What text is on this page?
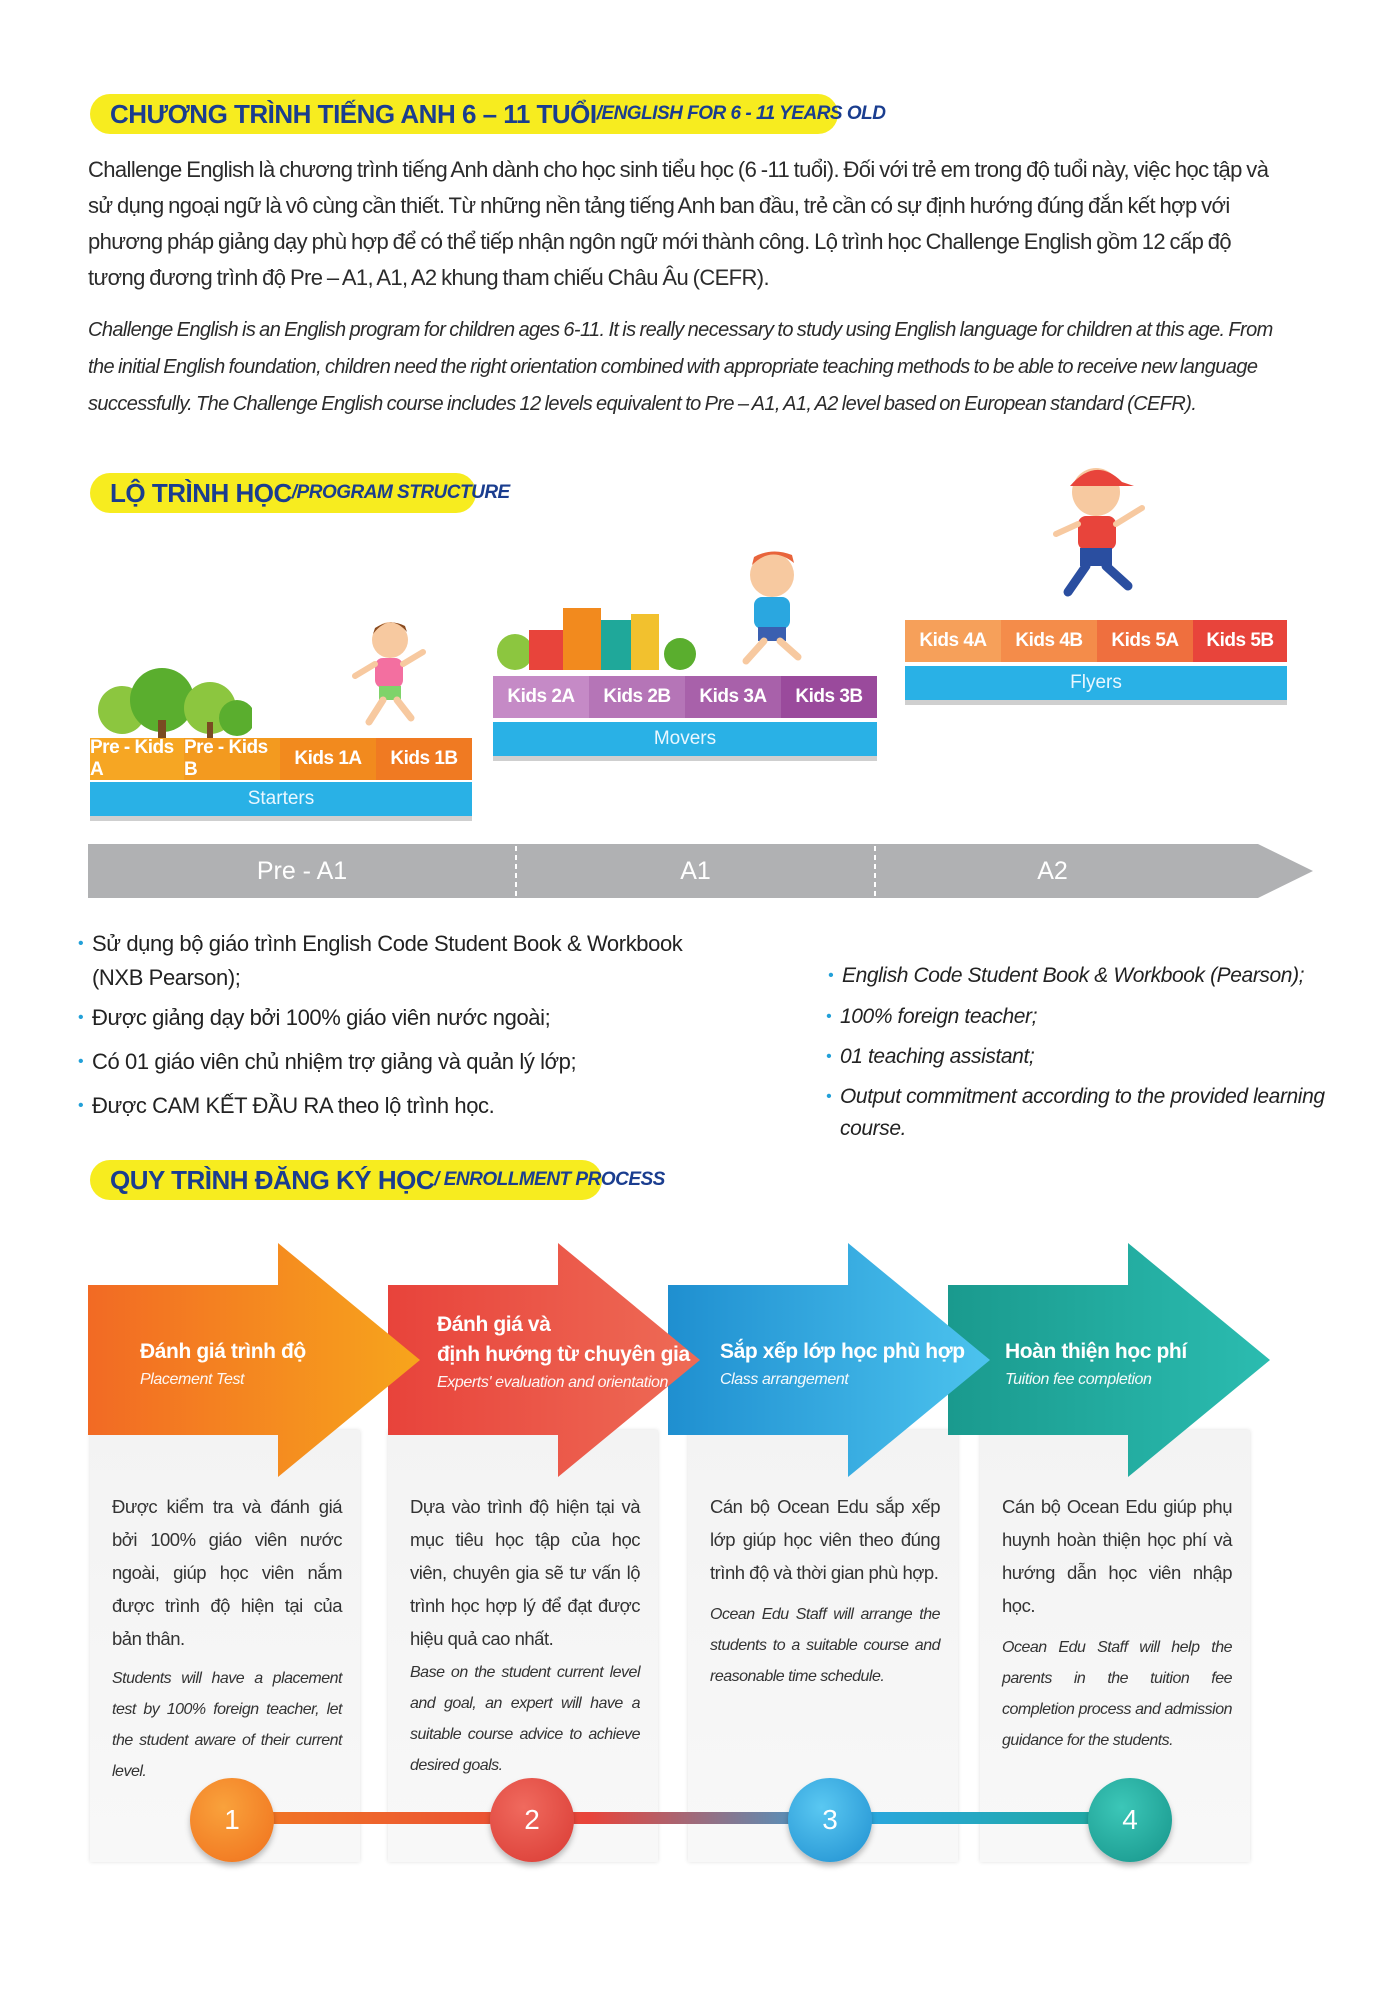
CHƯƠNG TRÌNH TIẾNG ANH 6 – 11 TUỔI /ENGLISH FOR 6 - 11 YEARS OLD
Challenge English là chương trình tiếng Anh dành cho học sinh tiểu học (6 -11 tuổi). Đối với trẻ em trong độ tuổi này, việc học tập và sử dụng ngoại ngữ là vô cùng cần thiết. Từ những nền tảng tiếng Anh ban đầu, trẻ cần có sự định hướng đúng đắn kết hợp với phương pháp giảng dạy phù hợp để có thể tiếp nhận ngôn ngữ mới thành công. Lộ trình học Challenge English gồm 12 cấp độ tương đương trình độ Pre – A1, A1, A2 khung tham chiếu Châu Âu (CEFR).
Challenge English is an English program for children ages 6-11. It is really necessary to study using English language for children at this age. From the initial English foundation, children need the right orientation combined with appropriate teaching methods to be able to receive new language successfully. The Challenge English course includes 12 levels equivalent to Pre – A1, A1, A2 level based on European standard (CEFR).
LỘ TRÌNH HỌC /PROGRAM STRUCTURE
Pre - Kids A
Pre - Kids B
Kids 1A	Kids 1B
Starters
Kids 2A	Kids 2B	Kids 3A	Kids 3B
Movers
Kids 4A	Kids 4B	Kids 5A	Kids 5B
Flyers
Pre - A1	A1	A2
• Sử dụng bộ giáo trình English Code Student Book & Workbook
(NXB Pearson);
• Được giảng dạy bởi 100% giáo viên nước ngoài;
• Có 01 giáo viên chủ nhiệm trợ giảng và quản lý lớp;
• Được CAM KẾT ĐẦU RA theo lộ trình học.
• English Code Student Book & Workbook (Pearson);
• 100% foreign teacher;
• 01 teaching assistant;
• Output commitment according to the provided learning course.
QUY TRÌNH ĐĂNG KÝ HỌC / ENROLLMENT PROCESS
Được kiểm tra và đánh giá bởi 100% giáo viên nước ngoài, giúp học viên nắm được trình độ hiện tại của bản thân.
Students will have a placement test by 100% foreign teacher, let the student aware of their current level.
Dựa vào trình độ hiện tại và mục tiêu học tập của học viên, chuyên gia sẽ tư vấn lộ trình học hợp lý để đạt được hiệu quả cao nhất.
Base on the student current level and goal, an expert will have a suitable course advice to achieve desired goals.
Cán bộ Ocean Edu sắp xếp lớp giúp học viên theo đúng trình độ và thời gian phù hợp.
Ocean Edu Staff will arrange the students to a suitable course and reasonable time schedule.
Cán bộ Ocean Edu giúp phụ huynh hoàn thiện học phí và hướng dẫn học viên nhập học.
Ocean Edu Staff will help the parents in the tuition fee completion process and admission guidance for the students.
Đánh giá trình độ
Placement Test
Đánh giá và
định hướng từ chuyên gia
Experts' evaluation and orientation
Sắp xếp lớp học phù hợp
Class arrangement
Hoàn thiện học phí
Tuition fee completion
1	2	3	4
